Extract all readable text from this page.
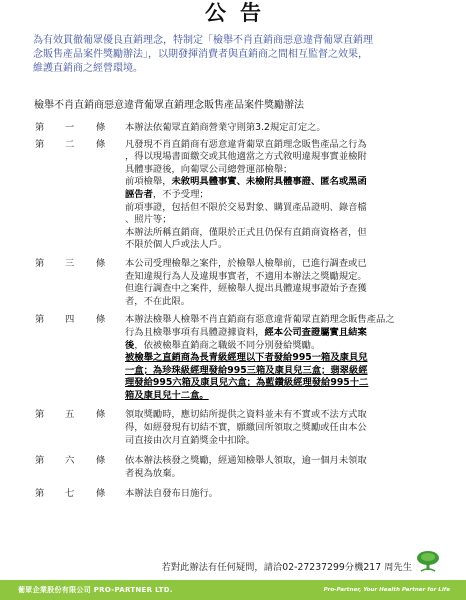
公告

為有效貫徹葡眾優良直銷理念，特制定「檢舉不肖直銷商惡意違背葡眾直銷理

念販售產品案件獎勵辦法」，以期發揮消費者與直銷商之間相互監督之效果，

維護直銷商之經營環境。

檢舉不肖直銷商惡意違背葡眾直銷理念販售產品案件獎勵辦法
第 一 條 本辦法依葡眾直銷商營業守則第3.2規定訂定之。

第 二 條 凡發現不肖直銷商有惡意違背葡眾直銷理念販售產品之行為

，得以現場書面繳交或其他適當之方式敘明違規事實並檢附

具體事證後，向葡眾公司總營運部檢舉；

前項檢舉，未敘明具體事實、未檢附具體事證、匿名或黑函

誣告者，不予受理；

前項事證，包括但不限於交易對象、購買產品證明、錄音檔

、照片等；

本辦法所稱直銷商，僅限於正式且仍保有直銷商資格者，但

不限於個人戶或法人戶。

第 三 條 本公司受理檢舉之案件，於檢舉人檢舉前，已進行調查或已

查知違規行為人及違規事實者，不適用本辦法之獎勵規定。

但進行調查中之案件，經檢舉人提出具體違規事證始予查獲

者，不在此限。

第 四 條 本辦法檢舉人檢舉不肖直銷商有惡意違背葡眾直銷理念販售產品之

行為且檢舉事項有具體證據資料，經本公司查證屬實且結案

後，依被檢舉直銷商之職級不同分別發給獎勵。

被檢舉之直銷商為長青級經理以下者發給995一箱及康貝兒

一盒；為珍珠級經理發給995三箱及康貝兒三盒；翡翠級經

理發給995六箱及康貝兒六盒；為藍鑽級經理發給995十二

箱及康貝兒十二盒。

第 五 條 領取獎勵時，應切結所提供之資料並未有不實或不法方式取

得，如經發現有切結不實，願繳回所領取之獎勵或任由本公

司直接由次月直銷獎金中扣除。

第 六 條 依本辦法核發之獎勵，經通知檢舉人領取，逾一個月未領取

者視為放棄。

第 七 條 本辦法自發布日施行。

若對此辦法有任何疑問，請洽02-27237299分機217 周先生
葡眾企業股份有限公司 PRO-PARTNER LTD.	Pro-Partner, Your Health Partner for Life
